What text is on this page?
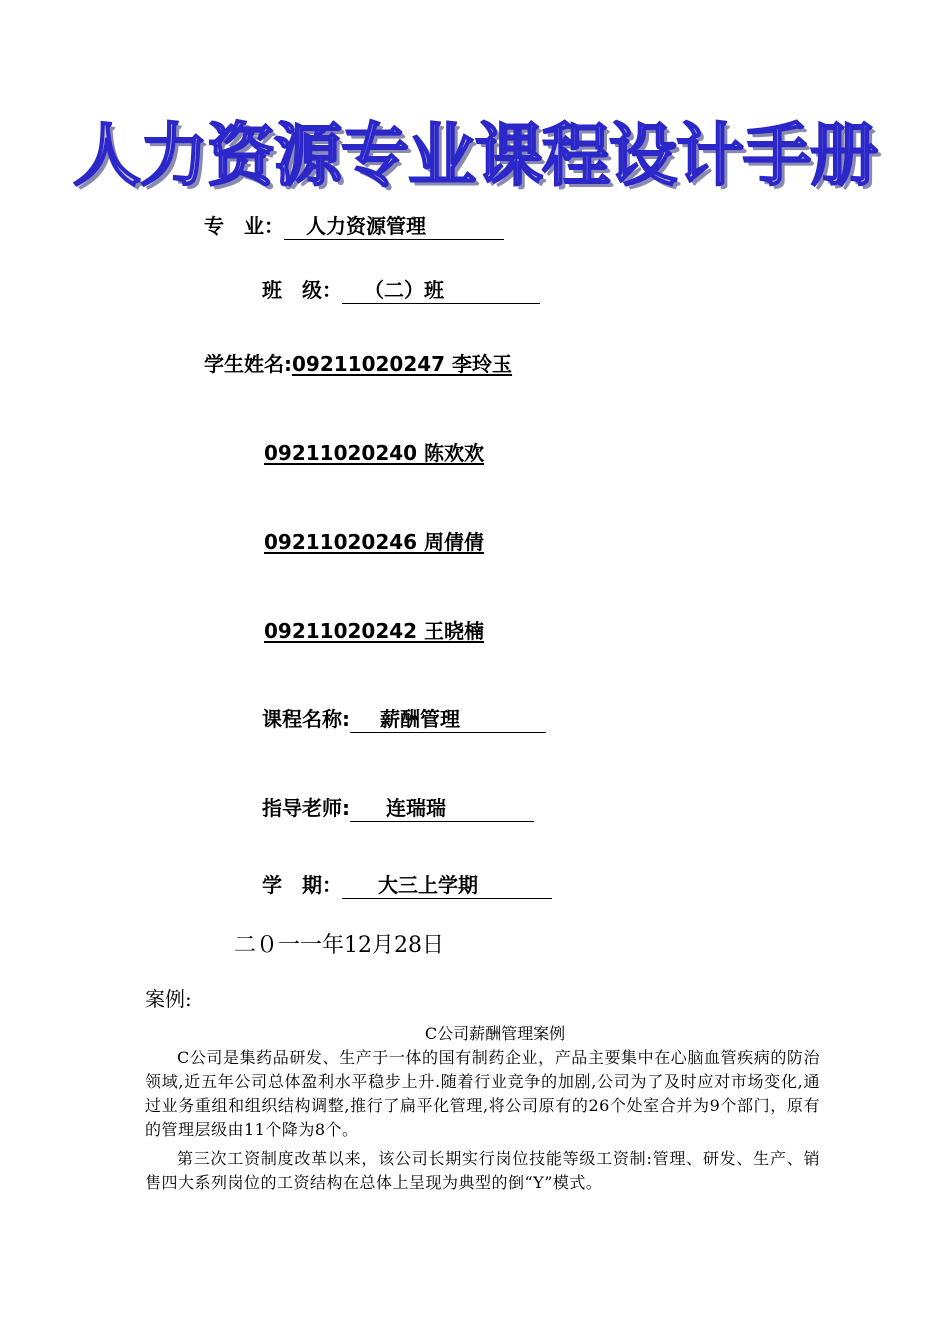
人力资源专业课程设计手册
专　业： 人力资源管理
班　级： （二）班
学生姓名:09211020247 李玲玉
09211020240 陈欢欢
09211020246 周倩倩
09211020242 王晓楠
课程名称: 薪酬管理
指导老师: 连瑞瑞
学　期： 大三上学期
二０一一年12月28日
案例:
C公司薪酬管理案例
C公司是集药品研发、生产于一体的国有制药企业，产品主要集中在心脑血管疾病的防治领域,近五年公司总体盈利水平稳步上升.随着行业竞争的加剧,公司为了及时应对市场变化,通过业务重组和组织结构调整,推行了扁平化管理,将公司原有的26个处室合并为9个部门，原有的管理层级由11个降为8个。
第三次工资制度改革以来，该公司长期实行岗位技能等级工资制:管理、研发、生产、销售四大系列岗位的工资结构在总体上呈现为典型的倒“Y”模式。
